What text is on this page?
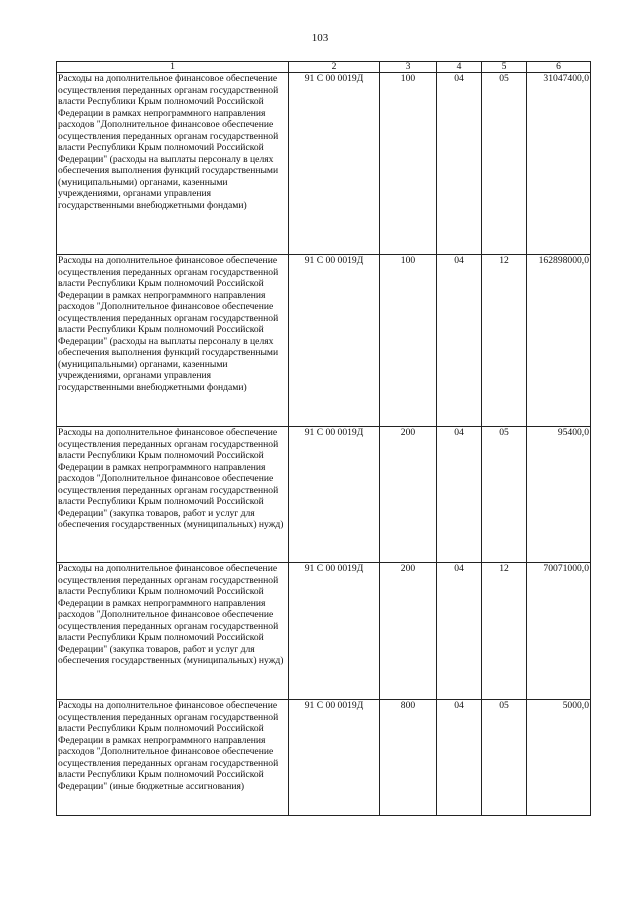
103
1	2	3	4	5	6
Расходы на дополнительное финансовое обеспечение осуществления переданных органам государственной власти Республики Крым полномочий Российской Федерации в рамках непрограммного направления расходов "Дополнительное финансовое обеспечение осуществления переданных органам государственной власти Республики Крым полномочий Российской Федерации" (расходы на выплаты персоналу в целях обеспечения выполнения функций государственными (муниципальными) органами, казенными учреждениями, органами управления государственными внебюджетными фондами)	91 С 00 0019Д	100	04	05	31047400,0
Расходы на дополнительное финансовое обеспечение осуществления переданных органам государственной власти Республики Крым полномочий Российской Федерации в рамках непрограммного направления расходов "Дополнительное финансовое обеспечение осуществления переданных органам государственной власти Республики Крым полномочий Российской Федерации" (расходы на выплаты персоналу в целях обеспечения выполнения функций государственными (муниципальными) органами, казенными учреждениями, органами управления государственными внебюджетными фондами)	91 С 00 0019Д	100	04	12	162898000,0
Расходы на дополнительное финансовое обеспечение осуществления переданных органам государственной власти Республики Крым полномочий Российской Федерации в рамках непрограммного направления расходов "Дополнительное финансовое обеспечение осуществления переданных органам государственной власти Республики Крым полномочий Российской Федерации" (закупка товаров, работ и услуг для обеспечения государственных (муниципальных) нужд)	91 С 00 0019Д	200	04	05	95400,0
Расходы на дополнительное финансовое обеспечение осуществления переданных органам государственной власти Республики Крым полномочий Российской Федерации в рамках непрограммного направления расходов "Дополнительное финансовое обеспечение осуществления переданных органам государственной власти Республики Крым полномочий Российской Федерации" (закупка товаров, работ и услуг для обеспечения государственных (муниципальных) нужд)	91 С 00 0019Д	200	04	12	70071000,0
Расходы на дополнительное финансовое обеспечение осуществления переданных органам государственной власти Республики Крым полномочий Российской Федерации в рамках непрограммного направления расходов "Дополнительное финансовое обеспечение осуществления переданных органам государственной власти Республики Крым полномочий Российской Федерации" (иные бюджетные ассигнования)	91 С 00 0019Д	800	04	05	5000,0
